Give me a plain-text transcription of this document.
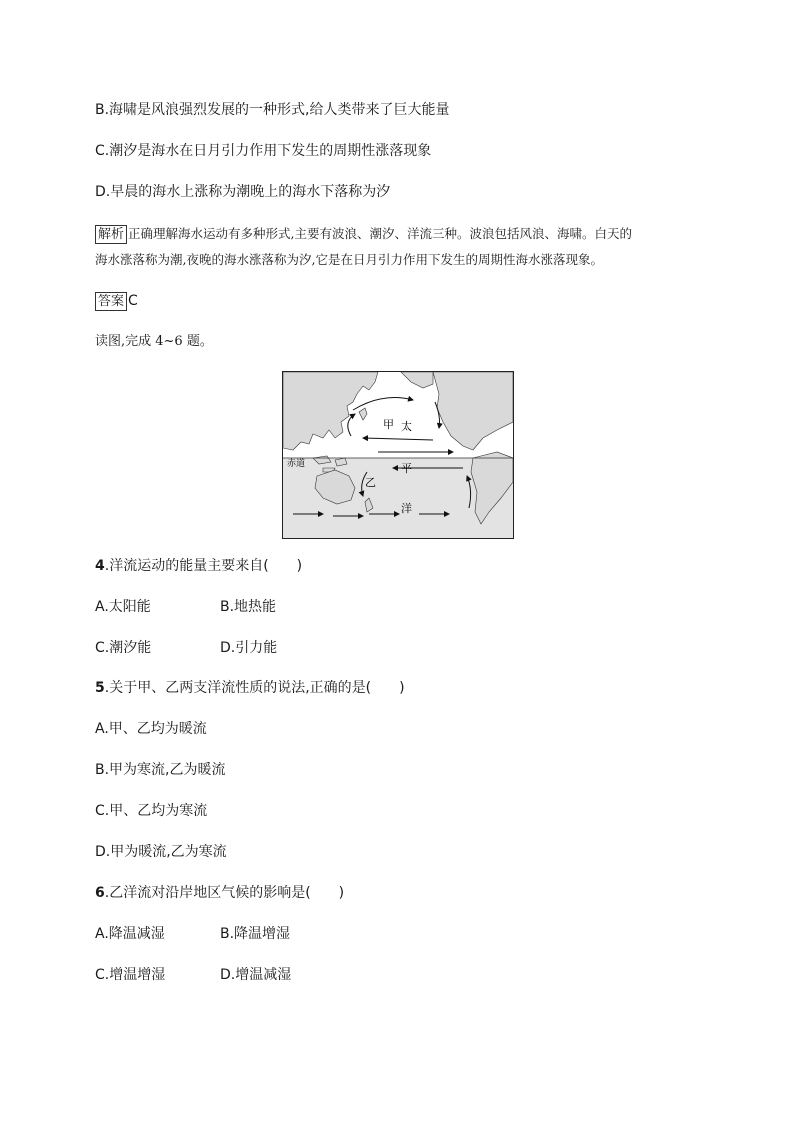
B.海啸是风浪强烈发展的一种形式,给人类带来了巨大能量
C.潮汐是海水在日月引力作用下发生的周期性涨落现象
D.早晨的海水上涨称为潮晚上的海水下落称为汐
解析 正确理解海水运动有多种形式,主要有波浪、潮汐、洋流三种。波浪包括风浪、海啸。白天的
海水涨落称为潮,夜晚的海水涨落称为汐,它是在日月引力作用下发生的周期性海水涨落现象。
答案 C
读图,完成 4~6 题。
赤道
甲 太
平
乙
洋
4.洋流运动的能量主要来自(　　)
A.太阳能	B.地热能
C.潮汐能	D.引力能
5.关于甲、乙两支洋流性质的说法,正确的是(　　)
A.甲、乙均为暖流
B.甲为寒流,乙为暖流
C.甲、乙均为寒流
D.甲为暖流,乙为寒流
6.乙洋流对沿岸地区气候的影响是(　　)
A.降温减湿	B.降温增湿
C.增温增湿	D.增温减湿
